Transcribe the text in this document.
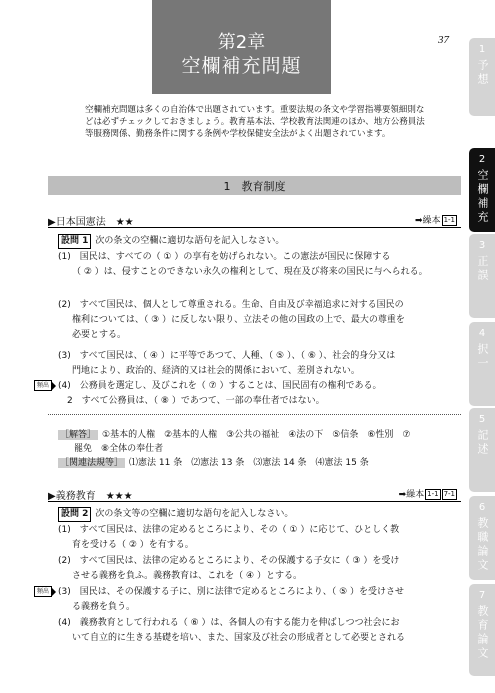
37
第2章
空欄補充問題
空欄補充問題は多くの自治体で出題されています。重要法規の条文や学習指導要領細則などは必ずチェックしておきましょう。教育基本法、学校教育法関連のほか、地方公務員法等服務関係、勤務条件に関する条例や学校保健安全法がよく出題されています。
1　教育制度
▶日本国憲法 ★★	➡繰本 1-1
設問 1 次の条文の空欄に適切な語句を記入しなさい。
(1)　国民は、すべての（ ① ）の享有を妨げられない。この憲法が国民に保障する
（ ② ）は、侵すことのできない永久の権利として、現在及び将来の国民に与へられる。
(2)　すべて国民は、個人として尊重される。生命、自由及び幸福追求に対する国民の
権利については、（ ③ ）に反しない限り、立法その他の国政の上で、最大の尊重を
必要とする。
(3)　すべて国民は、（ ④ ）に平等であつて、人種、（ ⑤ ）、（ ⑥ ）、社会的身分又は
門地により、政治的、経済的又は社会的関係において、差別されない。
頻出 (4)　公務員を選定し、及びこれを（ ⑦ ）することは、国民固有の権利である。
　2　すべて公務員は、（ ⑧ ）であつて、一部の奉仕者ではない。
［解答］ ①基本的人権　②基本的人権　③公共の福祉　④法の下　⑤信条　⑥性別　⑦
罷免　⑧全体の奉仕者
［関連法規等］ ⑴憲法 11 条　⑵憲法 13 条　⑶憲法 14 条　⑷憲法 15 条
▶義務教育 ★★★	➡繰本 1-1 7-1
設問 2 次の条文等の空欄に適切な語句を記入しなさい。
(1)　すべて国民は、法律の定めるところにより、その（ ① ）に応じて、ひとしく教
育を受ける（ ② ）を有する。
(2)　すべて国民は、法律の定めるところにより、その保護する子女に（ ③ ）を受け
させる義務を負ふ。義務教育は、これを（ ④ ）とする。
頻出 (3)　国民は、その保護する子に、別に法律で定めるところにより、（ ⑤ ）を受けさせ
る義務を負う。
(4)　義務教育として行われる（ ⑥ ）は、各個人の有する能力を伸ばしつつ社会にお
いて自立的に生きる基礎を培い、また、国家及び社会の形成者として必要とされる
1
予想
2
空欄補充
3
正誤
4
択一
5
記述
6
教職論文
7
教育論文
